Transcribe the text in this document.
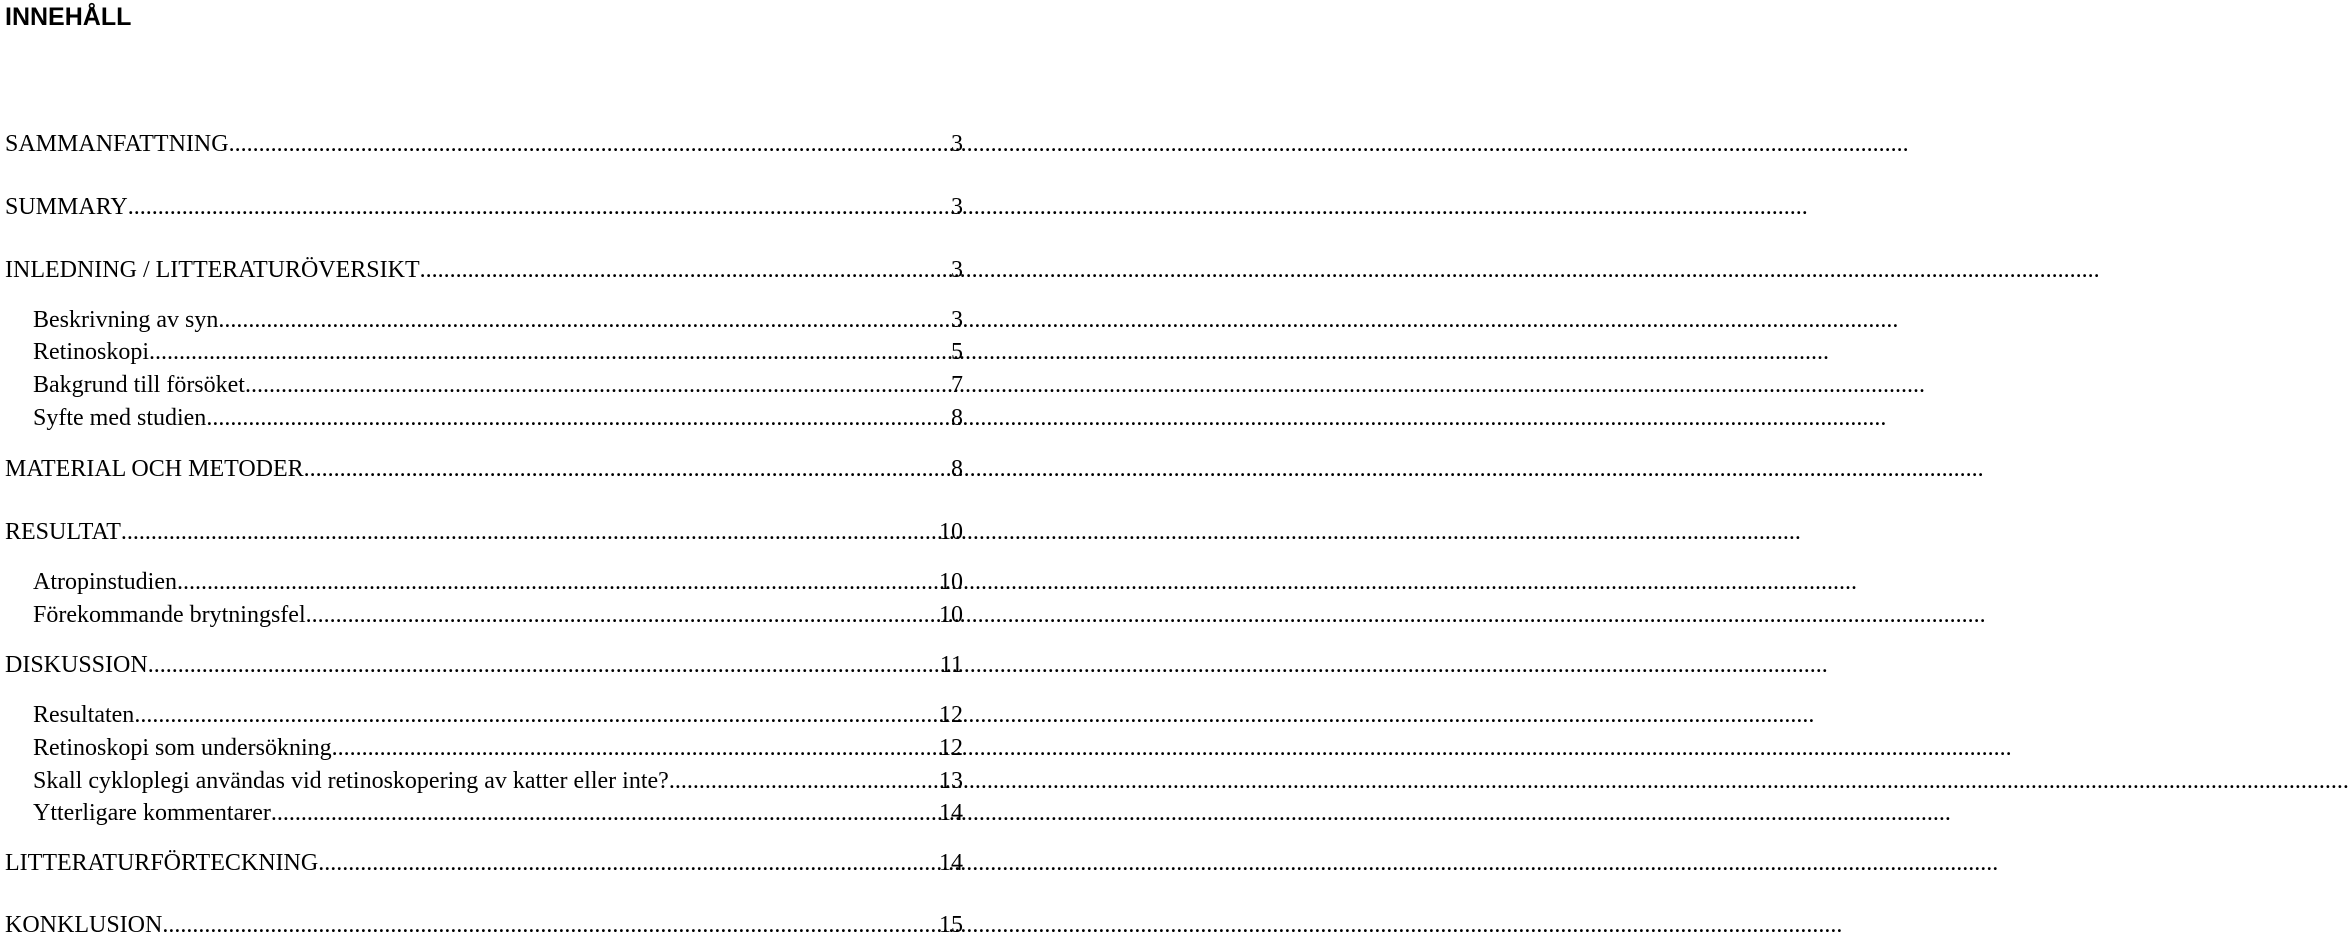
INNEHÅLL
SAMMANFATTNING .....	3
SUMMARY .....	3
INLEDNING / LITTERATURÖVERSIKT .....	3
Beskrivning av syn .....	3
Retinoskopi .....	5
Bakgrund till försöket .....	7
Syfte med studien .....	8
MATERIAL OCH METODER .....	8
RESULTAT .....	10
Atropinstudien .....	10
Förekommande brytningsfel .....	10
DISKUSSION .....	11
Resultaten .....	12
Retinoskopi som undersökning .....	12
Skall cykloplegi användas vid retinoskopering av katter eller inte? .....	13
Ytterligare kommentarer .....	14
LITTERATURFÖRTECKNING .....	14
KONKLUSION .....	15
